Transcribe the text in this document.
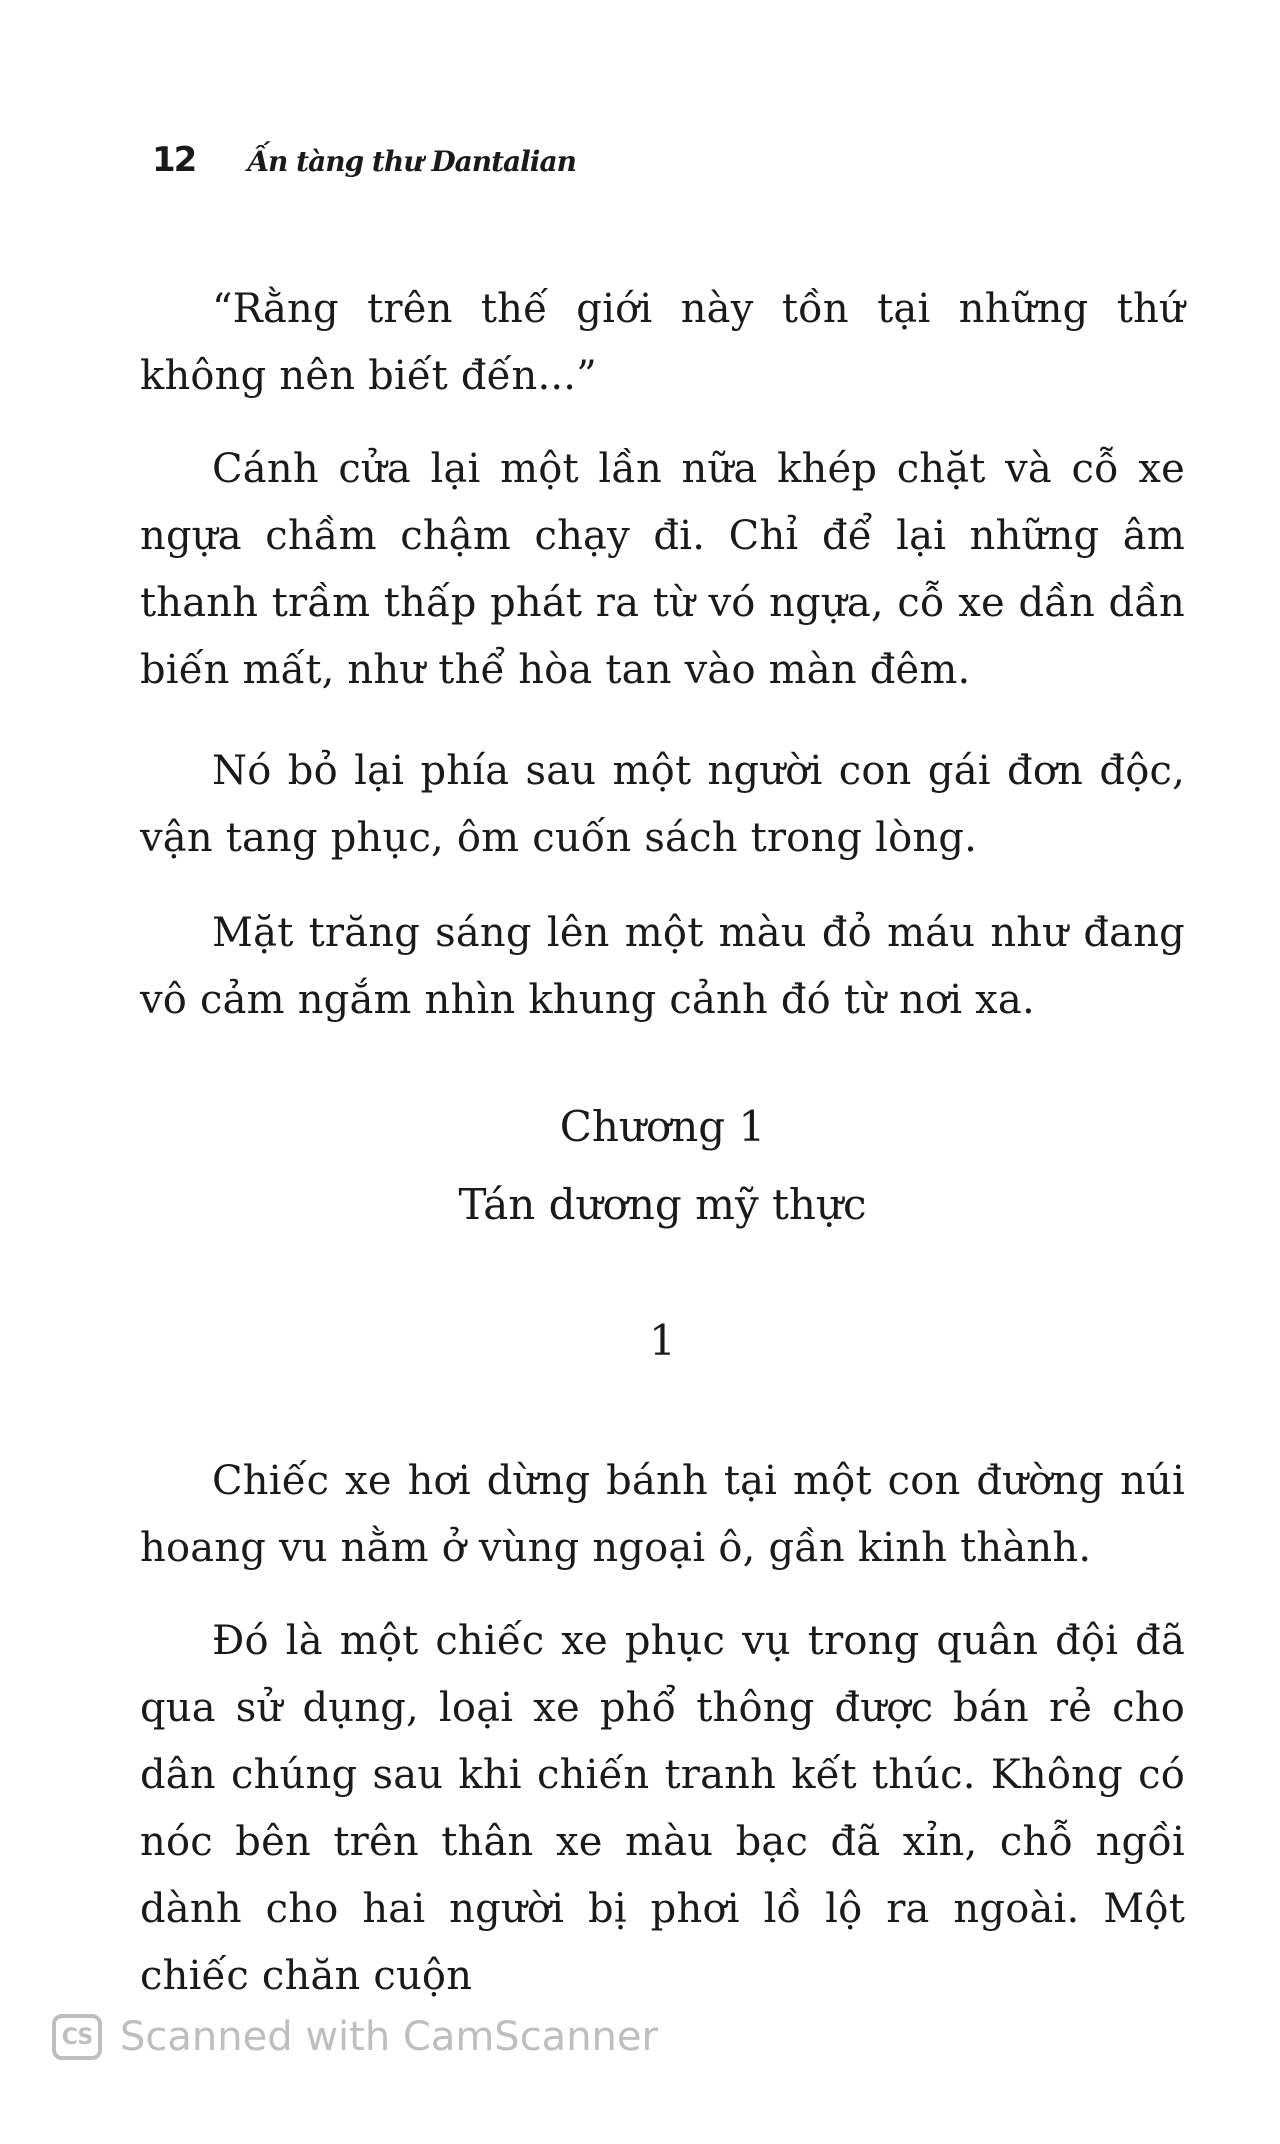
12 Ấn tàng thư Dantalian

“Rằng trên thế giới này tồn tại những thứ không nên biết đến...”

Cánh cửa lại một lần nữa khép chặt và cỗ xe ngựa chầm chậm chạy đi. Chỉ để lại những âm thanh trầm thấp phát ra từ vó ngựa, cỗ xe dần dần biến mất, như thể hòa tan vào màn đêm.

Nó bỏ lại phía sau một người con gái đơn độc, vận tang phục, ôm cuốn sách trong lòng.

Mặt trăng sáng lên một màu đỏ máu như đang vô cảm ngắm nhìn khung cảnh đó từ nơi xa.

Chương 1

Tán dương mỹ thực

1

Chiếc xe hơi dừng bánh tại một con đường núi hoang vu nằm ở vùng ngoại ô, gần kinh thành.

Đó là một chiếc xe phục vụ trong quân đội đã qua sử dụng, loại xe phổ thông được bán rẻ cho dân chúng sau khi chiến tranh kết thúc. Không có nóc bên trên thân xe màu bạc đã xỉn, chỗ ngồi dành cho hai người bị phơi lồ lộ ra ngoài. Một chiếc chăn cuộn

CS Scanned with CamScanner
